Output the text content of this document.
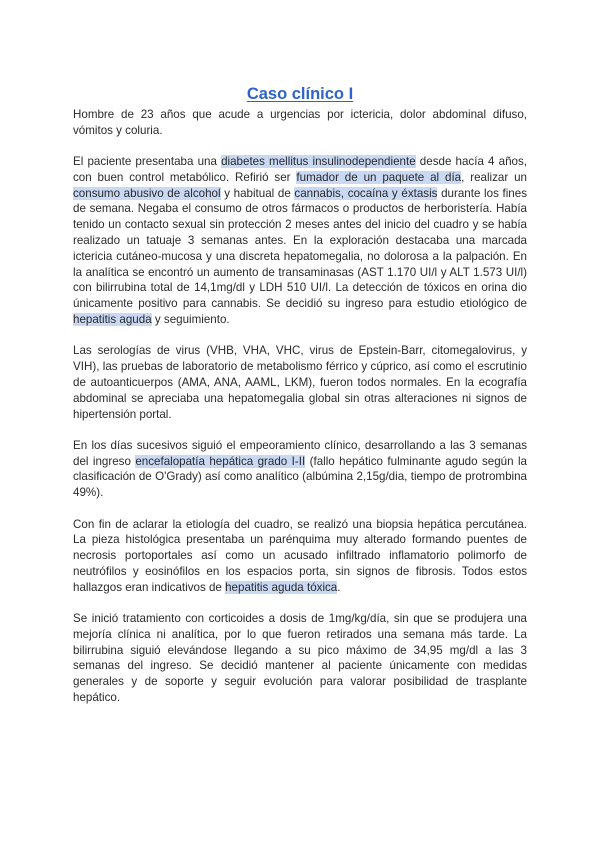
Caso clínico I

Hombre de 23 años que acude a urgencias por ictericia, dolor abdominal difuso, vómitos y coluria.

El paciente presentaba una diabetes mellitus insulinodependiente desde hacía 4 años, con buen control metabólico. Refirió ser fumador de un paquete al día, realizar un consumo abusivo de alcohol y habitual de cannabis, cocaína y éxtasis durante los fines de semana. Negaba el consumo de otros fármacos o productos de herboristería. Había tenido un contacto sexual sin protección 2 meses antes del inicio del cuadro y se había realizado un tatuaje 3 semanas antes. En la exploración destacaba una marcada ictericia cutáneo-mucosa y una discreta hepatomegalia, no dolorosa a la palpación. En la analítica se encontró un aumento de transaminasas (AST 1.170 UI/l y ALT 1.573 UI/l) con bilirrubina total de 14,1mg/dl y LDH 510 UI/l. La detección de tóxicos en orina dio únicamente positivo para cannabis. Se decidió su ingreso para estudio etiológico de hepatitis aguda y seguimiento.

Las serologías de virus (VHB, VHA, VHC, virus de Epstein-Barr, citomegalovirus, y VIH), las pruebas de laboratorio de metabolismo férrico y cúprico, así como el escrutinio de autoanticuerpos (AMA, ANA, AAML, LKM), fueron todos normales. En la ecografía abdominal se apreciaba una hepatomegalia global sin otras alteraciones ni signos de hipertensión portal.

En los días sucesivos siguió el empeoramiento clínico, desarrollando a las 3 semanas del ingreso encefalopatía hepática grado I-II (fallo hepático fulminante agudo según la clasificación de O'Grady) así como analítico (albúmina 2,15g/dia, tiempo de protrombina 49%).

Con fin de aclarar la etiología del cuadro, se realizó una biopsia hepática percutánea. La pieza histológica presentaba un parénquima muy alterado formando puentes de necrosis portoportales así como un acusado infiltrado inflamatorio polimorfo de neutrófilos y eosinófilos en los espacios porta, sin signos de fibrosis. Todos estos hallazgos eran indicativos de hepatitis aguda tóxica.

Se inició tratamiento con corticoides a dosis de 1mg/kg/día, sin que se produjera una mejoría clínica ni analítica, por lo que fueron retirados una semana más tarde. La bilirrubina siguió elevándose llegando a su pico máximo de 34,95 mg/dl a las 3 semanas del ingreso. Se decidió mantener al paciente únicamente con medidas generales y de soporte y seguir evolución para valorar posibilidad de trasplante hepático.
